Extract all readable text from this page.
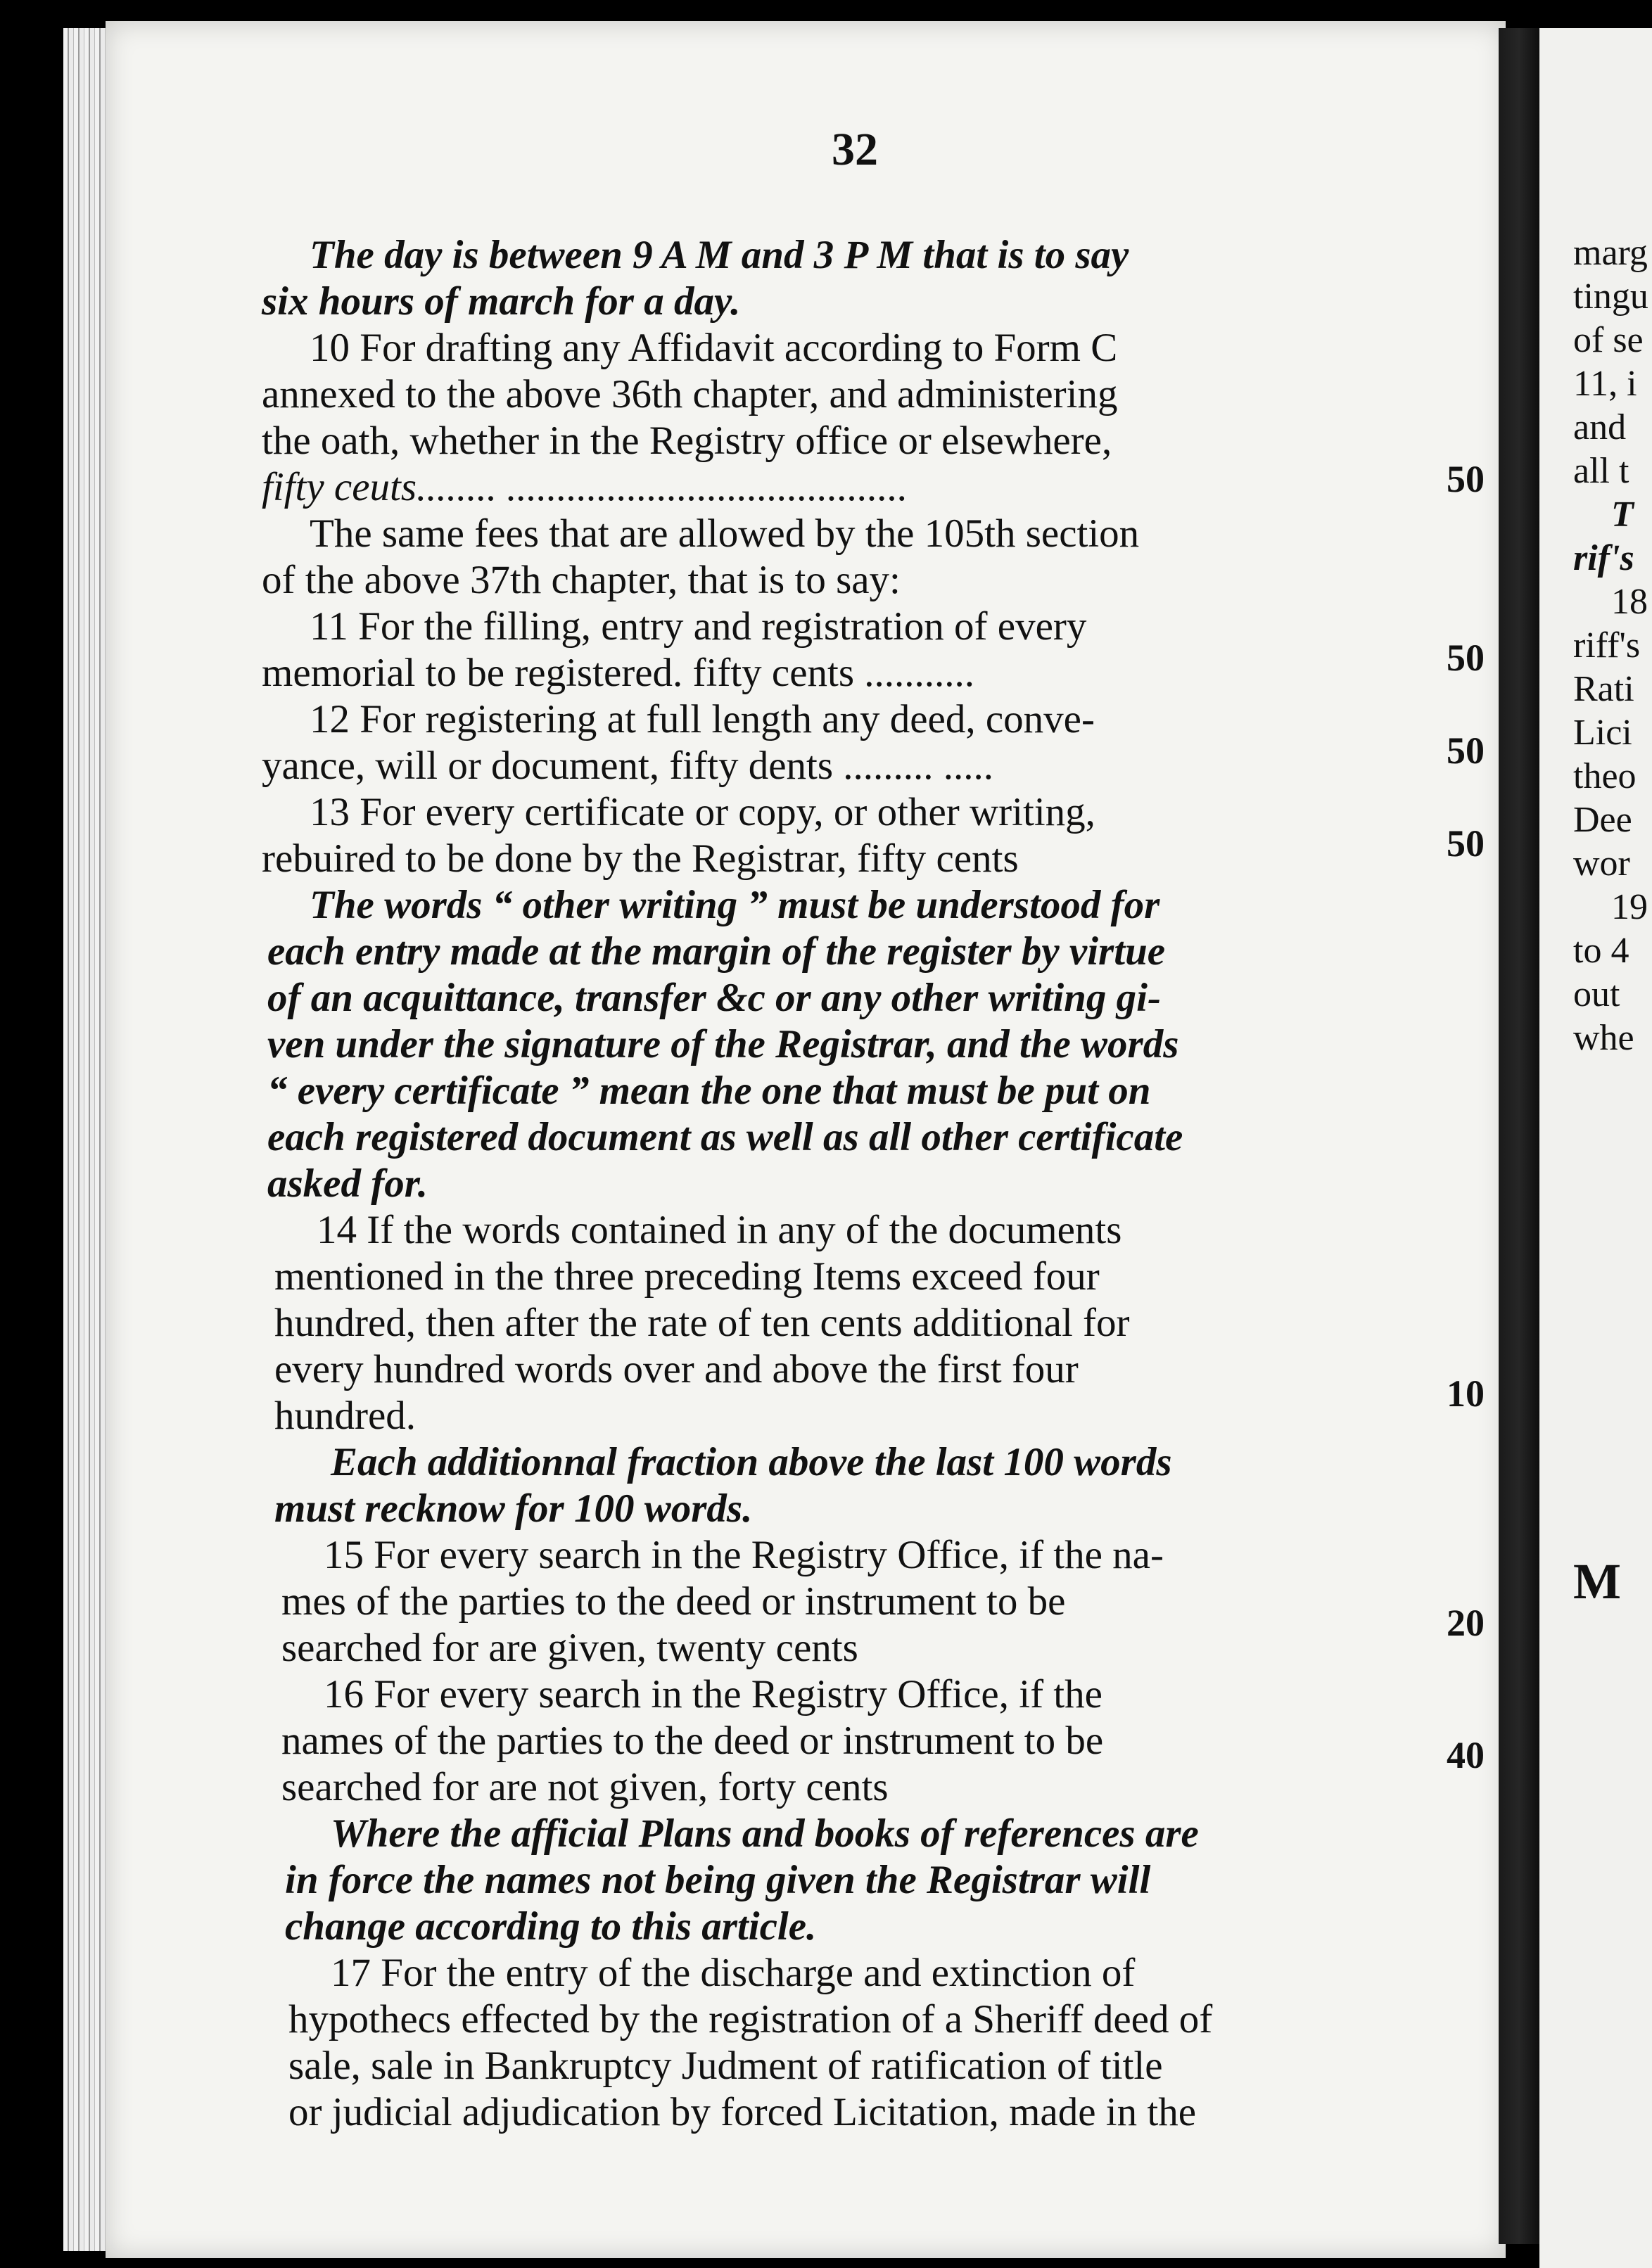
32
The day is between 9 A M and 3 P M that is to say
six hours of march for a day.
10 For drafting any Affidavit according to Form C
annexed to the above 36th chapter, and administering
the oath, whether in the Registry office or elsewhere,
fifty ceuts........ ........................................
The same fees that are allowed by the 105th section
of the above 37th chapter, that is to say:
11 For the filling, entry and registration of every
memorial to be registered. fifty cents ...........
12 For registering at full length any deed, conve-
yance, will or document, fifty dents ......... .....
13 For every certificate or copy, or other writing,
rebuired to be done by the Registrar, fifty cents
The words “ other writing ” must be understood for
each entry made at the margin of the register by virtue
of an acquittance, transfer &c or any other writing gi-
ven under the signature of the Registrar, and the words
“ every certificate ” mean the one that must be put on
each registered document as well as all other certificate
asked for.
14 If the words contained in any of the documents
mentioned in the three preceding Items exceed four
hundred, then after the rate of ten cents additional for
every hundred words over and above the first four
hundred.
Each additionnal fraction above the last 100 words
must recknow for 100 words.
15 For every search in the Registry Office, if the na-
mes of the parties to the deed or instrument to be
searched for are given, twenty cents
16 For every search in the Registry Office, if the
names of the parties to the deed or instrument to be
searched for are not given, forty cents
Where the afficial Plans and books of references are
in force the names not being given the Registrar will
change according to this article.
17 For the entry of the discharge and extinction of
hypothecs effected by the registration of a Sheriff deed of
sale, sale in Bankruptcy Judment of ratification of title
or judicial adjudication by forced Licitation, made in the
50
50
50
50
10
20
40
marg
tingu
of se
11, i
and
all t
T
rif's
18
riff's
Rati
Lici
theo
Dee
wor
19
to 4
out
whe
M
